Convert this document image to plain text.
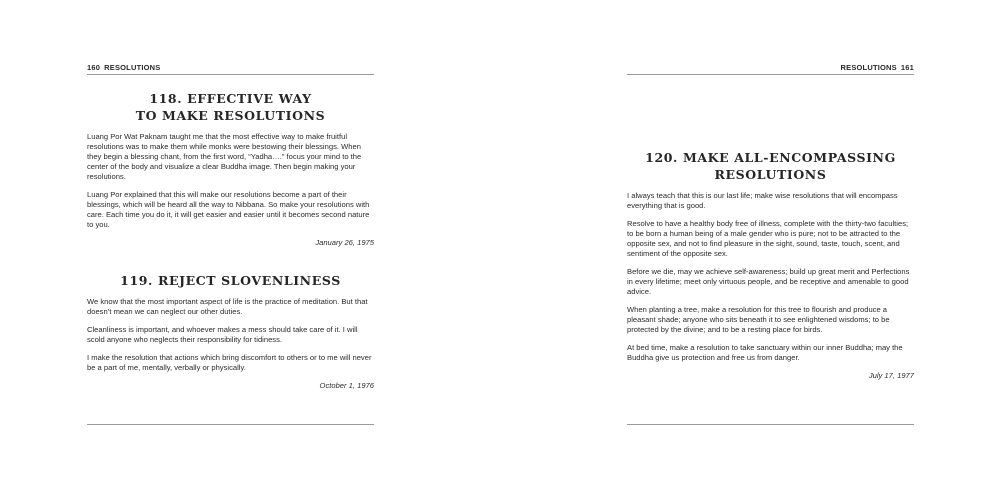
160 RESOLUTIONS
118. EFFECTIVE WAY
TO MAKE RESOLUTIONS

Luang Por Wat Paknam taught me that the most effective way to make fruitful resolutions was to make them while monks were bestowing their blessings. When they begin a blessing chant, from the first word, “Yadha….” focus your mind to the center of the body and visualize a clear Buddha image. Then begin making your resolutions.

Luang Por explained that this will make our resolutions become a part of their blessings, which will be heard all the way to Nibbana. So make your resolutions with care. Each time you do it, it will get easier and easier until it becomes second nature to you.

January 26, 1975

119. REJECT SLOVENLINESS

We know that the most important aspect of life is the practice of meditation. But that doesn’t mean we can neglect our other duties.

Cleanliness is important, and whoever makes a mess should take care of it. I will scold anyone who neglects their responsibility for tidiness.

I make the resolution that actions which bring discomfort to others or to me will never be a part of me, mentally, verbally or physically.

October 1, 1976

RESOLUTIONS 161
120. MAKE ALL-ENCOMPASSING
RESOLUTIONS

I always teach that this is our last life; make wise resolutions that will encompass everything that is good.

Resolve to have a healthy body free of illness, complete with the thirty-two faculties; to be born a human being of a male gender who is pure; not to be attracted to the opposite sex, and not to find pleasure in the sight, sound, taste, touch, scent, and sentiment of the opposite sex.

Before we die, may we achieve self-awareness; build up great merit and Perfections in every lifetime; meet only virtuous people, and be receptive and amenable to good advice.

When planting a tree, make a resolution for this tree to flourish and produce a pleasant shade; anyone who sits beneath it to see enlightened wisdoms; to be protected by the divine; and to be a resting place for birds.

At bed time, make a resolution to take sanctuary within our inner Buddha; may the Buddha give us protection and free us from danger.

July 17, 1977
